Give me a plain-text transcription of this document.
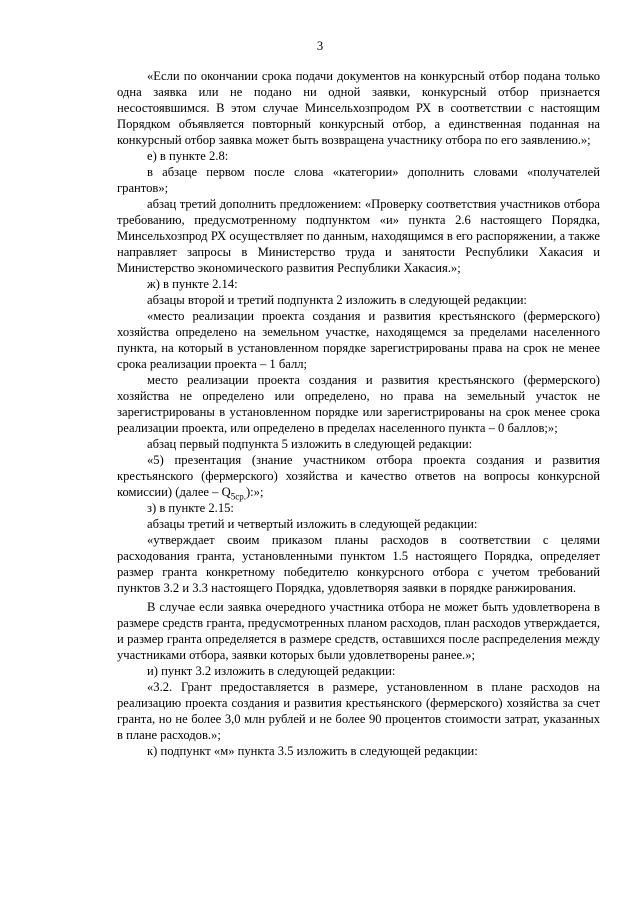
3

«Если по окончании срока подачи документов на конкурсный отбор подана только одна заявка или не подано ни одной заявки, конкурсный отбор признается несостоявшимся. В этом случае Минсельхозпродом РХ в соответствии с настоящим Порядком объявляется повторный конкурсный отбор, а единственная поданная на конкурсный отбор заявка может быть возвращена участнику отбора по его заявлению.»;

е) в пункте 2.8:

в абзаце первом после слова «категории» дополнить словами «получателей грантов»;

абзац третий дополнить предложением: «Проверку соответствия участников отбора требованию, предусмотренному подпунктом «и» пункта 2.6 настоящего Порядка, Минсельхозпрод РХ осуществляет по данным, находящимся в его распоряжении, а также направляет запросы в Министерство труда и занятости Республики Хакасия и Министерство экономического развития Республики Хакасия.»;

ж) в пункте 2.14:

абзацы второй и третий подпункта 2 изложить в следующей редакции:

«место реализации проекта создания и развития крестьянского (фермерского) хозяйства определено на земельном участке, находящемся за пределами населенного пункта, на который в установленном порядке зарегистрированы права на срок не менее срока реализации проекта – 1 балл;

место реализации проекта создания и развития крестьянского (фермерского) хозяйства не определено или определено, но права на земельный участок не зарегистрированы в установленном порядке или зарегистрированы на срок менее срока реализации проекта, или определено в пределах населенного пункта – 0 баллов;»;

абзац первый подпункта 5 изложить в следующей редакции:

«5) презентация (знание участником отбора проекта создания и развития крестьянского (фермерского) хозяйства и качество ответов на вопросы конкурсной комиссии) (далее – $Q_{5ср.}$):»;

з) в пункте 2.15:

абзацы третий и четвертый изложить в следующей редакции:

«утверждает своим приказом планы расходов в соответствии с целями расходования гранта, установленными пунктом 1.5 настоящего Порядка, определяет размер гранта конкретному победителю конкурсного отбора с учетом требований пунктов 3.2 и 3.3 настоящего Порядка, удовлетворяя заявки в порядке ранжирования.

В случае если заявка очередного участника отбора не может быть удовлетворена в размере средств гранта, предусмотренных планом расходов, план расходов утверждается, и размер гранта определяется в размере средств, оставшихся после распределения между участниками отбора, заявки которых были удовлетворены ранее.»;

и) пункт 3.2 изложить в следующей редакции:

«3.2. Грант предоставляется в размере, установленном в плане расходов на реализацию проекта создания и развития крестьянского (фермерского) хозяйства за счет гранта, но не более 3,0 млн рублей и не более 90 процентов стоимости затрат, указанных в плане расходов.»;

к) подпункт «м» пункта 3.5 изложить в следующей редакции:
